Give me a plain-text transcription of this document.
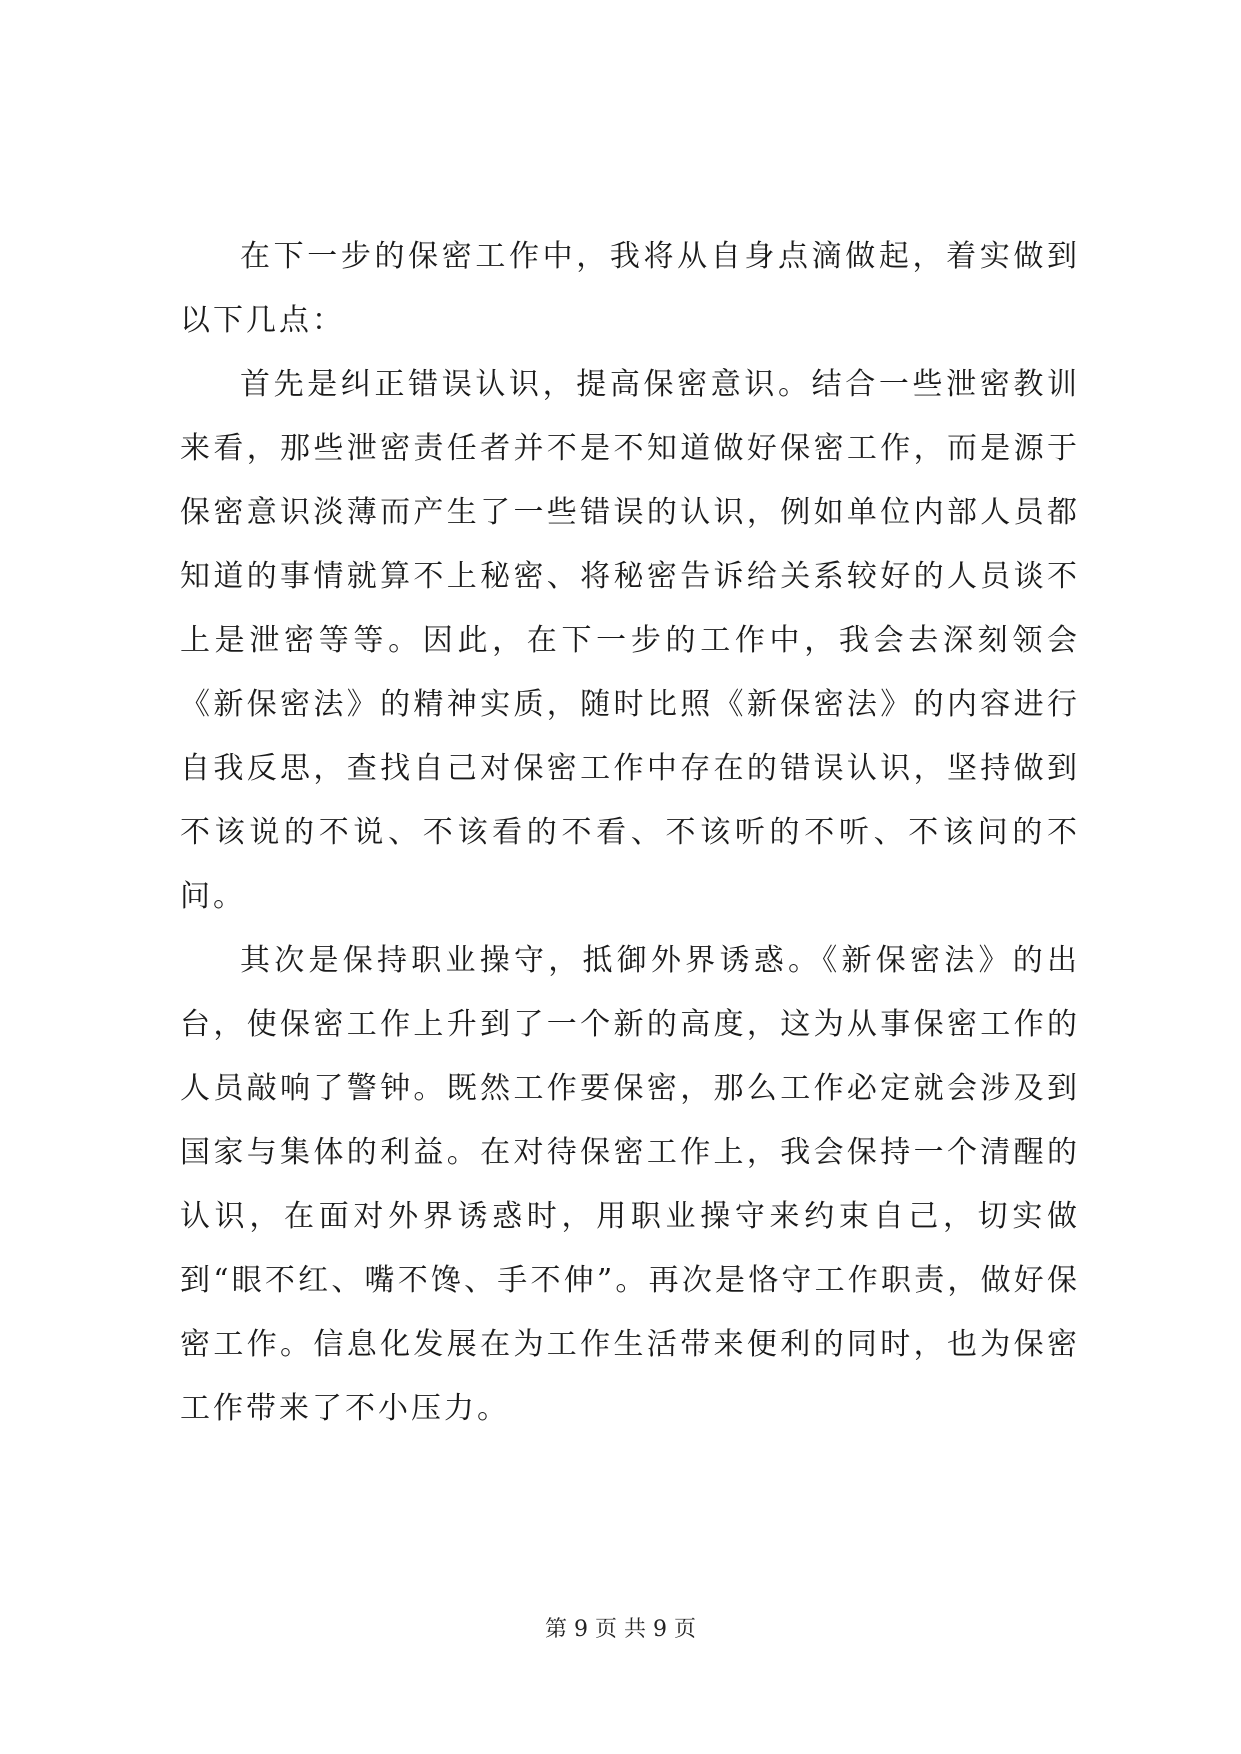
在下一步的保密工作中，我将从自身点滴做起，着实做到以下几点：

首先是纠正错误认识，提高保密意识。结合一些泄密教训来看，那些泄密责任者并不是不知道做好保密工作，而是源于保密意识淡薄而产生了一些错误的认识，例如单位内部人员都知道的事情就算不上秘密、将秘密告诉给关系较好的人员谈不上是泄密等等。因此，在下一步的工作中，我会去深刻领会《新保密法》的精神实质，随时比照《新保密法》的内容进行自我反思，查找自己对保密工作中存在的错误认识，坚持做到不该说的不说、不该看的不看、不该听的不听、不该问的不问。

其次是保持职业操守，抵御外界诱惑。《新保密法》的出台，使保密工作上升到了一个新的高度，这为从事保密工作的人员敲响了警钟。既然工作要保密，那么工作必定就会涉及到国家与集体的利益。在对待保密工作上，我会保持一个清醒的认识，在面对外界诱惑时，用职业操守来约束自己，切实做到“眼不红、嘴不馋、手不伸”。再次是恪守工作职责，做好保密工作。信息化发展在为工作生活带来便利的同时，也为保密工作带来了不小压力。

第 9 页 共 9 页
